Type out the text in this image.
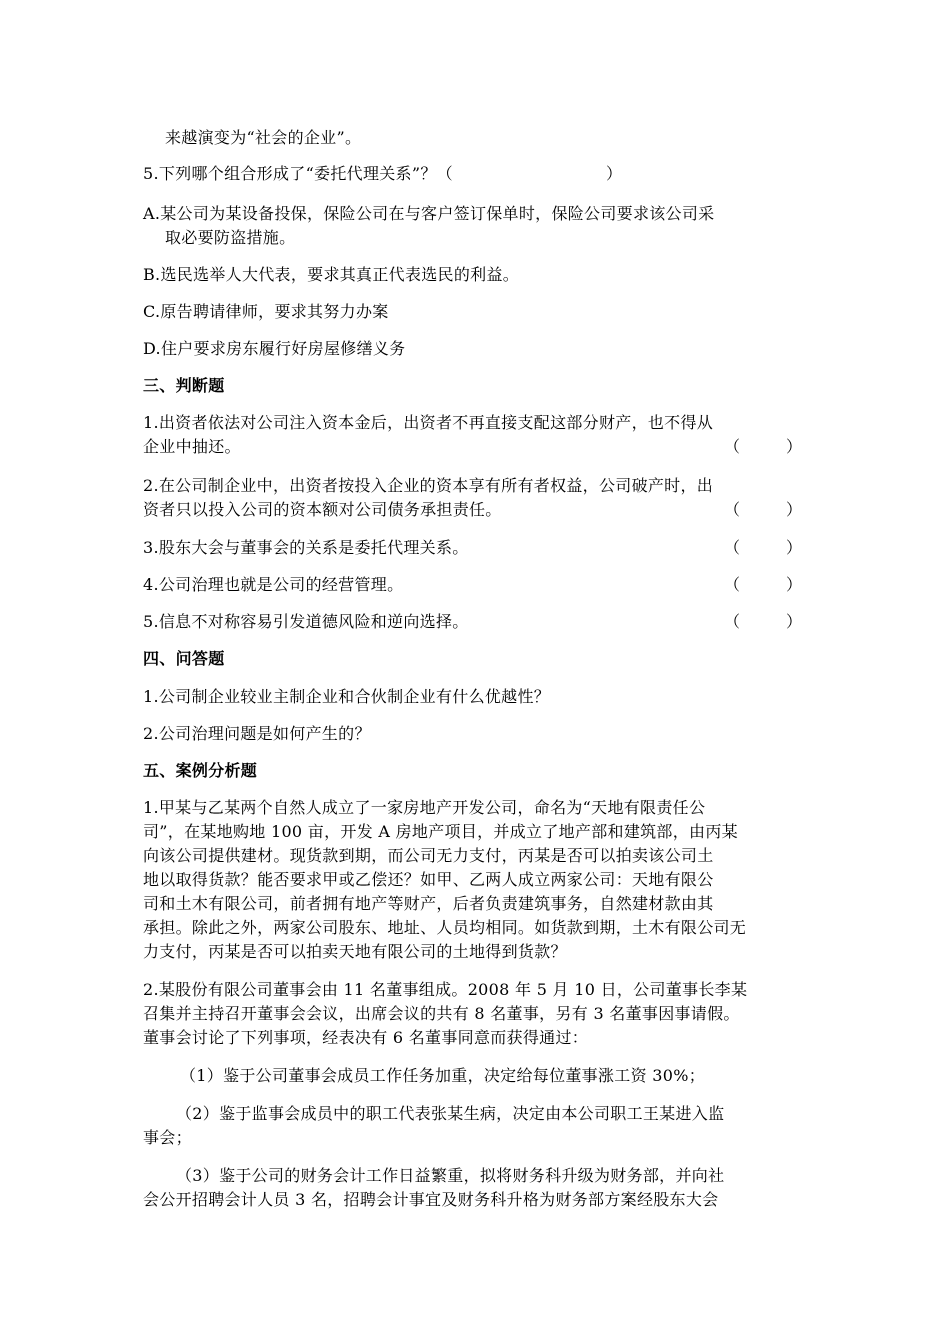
来越演变为“社会的企业”。
5.下列哪个组合形成了“委托代理关系”？（	）
A.某公司为某设备投保，保险公司在与客户签订保单时，保险公司要求该公司采
取必要防盗措施。
B.选民选举人大代表，要求其真正代表选民的利益。
C.原告聘请律师，要求其努力办案
D.住户要求房东履行好房屋修缮义务
三、判断题
1.出资者依法对公司注入资本金后，出资者不再直接支配这部分财产，也不得从
企业中抽还。	（	）
2.在公司制企业中，出资者按投入企业的资本享有所有者权益，公司破产时，出
资者只以投入公司的资本额对公司债务承担责任。	（	）
3.股东大会与董事会的关系是委托代理关系。	（	）
4.公司治理也就是公司的经营管理。	（	）
5.信息不对称容易引发道德风险和逆向选择。	（	）
四、问答题
1.公司制企业较业主制企业和合伙制企业有什么优越性？
2.公司治理问题是如何产生的？
五、案例分析题
1.甲某与乙某两个自然人成立了一家房地产开发公司，命名为“天地有限责任公
司”，在某地购地 100 亩，开发 A 房地产项目，并成立了地产部和建筑部，由丙某
向该公司提供建材。现货款到期，而公司无力支付，丙某是否可以拍卖该公司土
地以取得货款？能否要求甲或乙偿还？如甲、乙两人成立两家公司：天地有限公
司和土木有限公司，前者拥有地产等财产，后者负责建筑事务，自然建材款由其
承担。除此之外，两家公司股东、地址、人员均相同。如货款到期，土木有限公司无
力支付，丙某是否可以拍卖天地有限公司的土地得到货款？
2.某股份有限公司董事会由 11 名董事组成。2008 年 5 月 10 日，公司董事长李某
召集并主持召开董事会会议，出席会议的共有 8 名董事，另有 3 名董事因事请假。
董事会讨论了下列事项，经表决有 6 名董事同意而获得通过：
（1）鉴于公司董事会成员工作任务加重，决定给每位董事涨工资 30%；
（2）鉴于监事会成员中的职工代表张某生病，决定由本公司职工王某进入监
事会；
（3）鉴于公司的财务会计工作日益繁重，拟将财务科升级为财务部，并向社
会公开招聘会计人员 3 名，招聘会计事宜及财务科升格为财务部方案经股东大会
